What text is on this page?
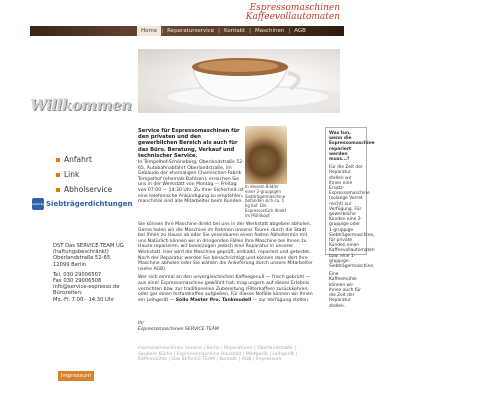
Espressomaschinen
Kaffeevollautomaten
Home | Reparaturservice | Kontakt | Maschinen | AGB
Willkommen
Anfahrt
Link
Abholservice
siebträger
Siebträgerdichtungen
DST Das SERVICE-TEAM UG
(haftungsbeschränkt)
Oberlandstraße 52-65
12099 Berlin
Tel. 030 29006507
Fax 030 29006508
info@service-espresso.de
Bürozeiten:
Mo.-Fr. 7:00 - 14:30 Uhr
Impressum
Service für Espressomaschinen für den privaten und den gewerblichen Bereich als auch für das Büro. Beratung, Verkauf und technischer Service.
In Tempelhof-Schöneberg, Oberlandstraße 52-65, Autobahnabfahrt Oberlandstraße, im Gebäude der ehemaligen Chemischen Fabrik Tempelhof (ehemals Bahlsen), erreichen Sie uns in der Werkstatt von Montag — Freitag von 07:00 — 14:30 Uhr. Zu Ihrer Sicherheit ist eine telefonische Ankündigung zu empfehlen, manchmal sind alle Mitarbeiter beim Kunden.
In diesem Bild/er einer 2-gruppigen Siebträgermaschine befanden sich ca. 1 kg Kaf. Die Espressostück direkt im Mühlkopf.
Was tun, wenn die Espressomaschine repariert werden muss...?

Für die Zeit der Reparatur stellen wir Ihnen eine Ersatz-Espressomaschine (solange Vorrat reicht) zur Verfügung. Für gewerbliche Kunden eine 2-gruppige oder 1-gruppige Siebträgermaschine, für private Kunden einen Kaffeevollautomaten bzw. eine 1-gruppige Siebträgermaschine.

Eine Kaffeemühle können wir Ihnen auch für die Zeit der Reparatur stellen.

Sie können Ihre Maschine direkt bei uns in der Werkstatt abgeben abholen. Gerne holen wir die Maschine im Rahmen unserer Touren durch die Stadt bei Ihnen zu Hause ab oder Sie vereinbaren einen festen Abholtermin mit uns Natürlich können wir in dringenden Fällen Ihre Maschine bei Ihnen zu Hause reparieren, wir bevorzugen jedoch eine Reparatur in unserer Werkstatt. Hier wird die Maschine geprüft, entkalkt, repariert und getestet. Nach der Reparatur werden Sie benachrichtigt und können dann dort Ihre Maschine abholen oder Sie wählen die Anlieferung durch unsere Mitarbeiter (siehe AGB).

Wer sich einmal an den unvergleichlichen Kaffeegenuß — frisch gebrüht — aus einer Espressomaschine gewöhnt hat, mag ungern auf dieses Erlebnis verzichten bzw. zur traditionellen Zubereitung (Filterkaffee) zurückkehren, oder gar einen Instantkaffee aufgießen. Für dieses Nofälle können wir Ihnen ein Leihgerät — Sollo Master Pro, Tankmodell — zur Verfügung stellen.

Ihr
Espressomaschinen SERVICE-TEAM
Espressomaschinen Service | Berlin | Reparaturen | Oberlandstraße | Saubere Küche | Espressomaschine Haushalt | Mietgerät | Leihgerät | Kaffeemühle | Das SERVICE-TEAM | Kontakt | AGB | Impressum
